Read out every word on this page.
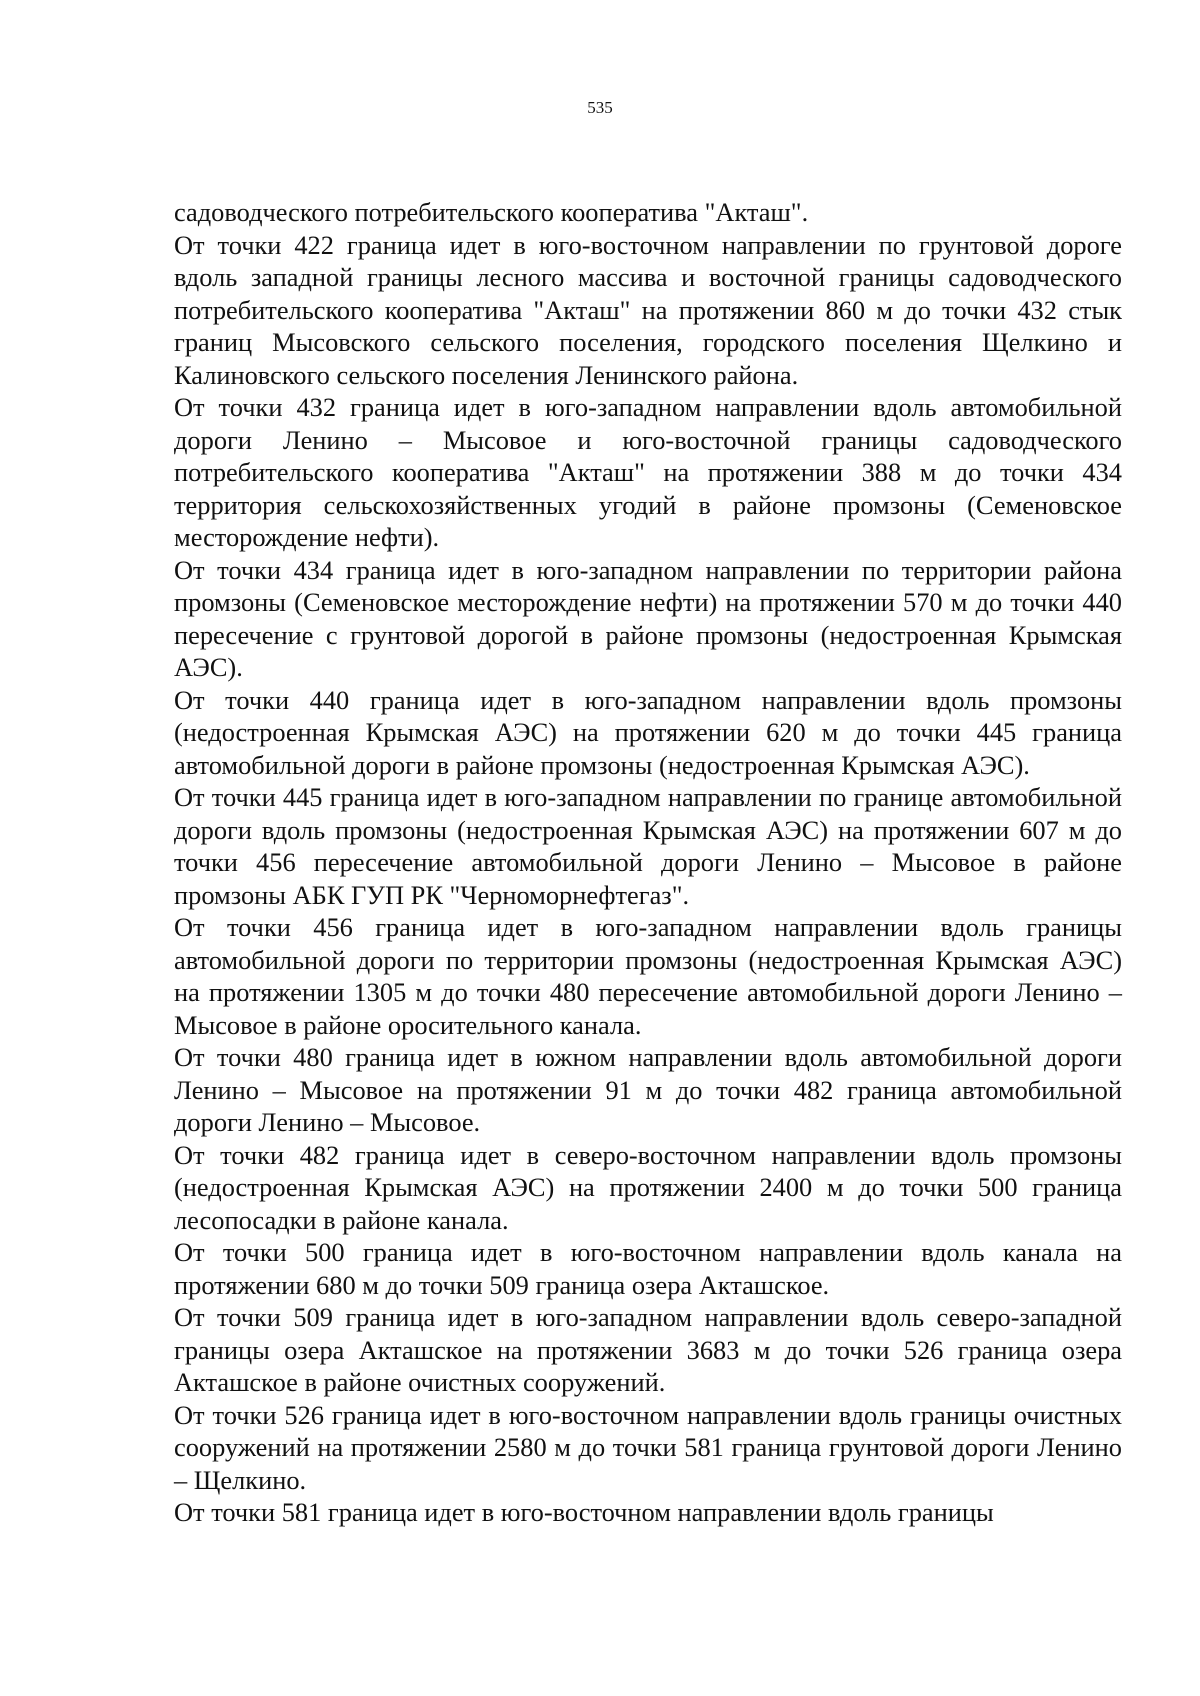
535

садоводческого потребительского кооператива "Акташ".

От точки 422 граница идет в юго-восточном направлении по грунтовой дороге вдоль западной границы лесного массива и восточной границы садоводческого потребительского кооператива "Акташ" на протяжении 860 м до точки 432 стык границ Мысовского сельского поселения, городского поселения Щелкино и Калиновского сельского поселения Ленинского района.

От точки 432 граница идет в юго-западном направлении вдоль автомобильной дороги Ленино – Мысовое и юго-восточной границы садоводческого потребительского кооператива "Акташ" на протяжении 388 м до точки 434 территория сельскохозяйственных угодий в районе промзоны (Семеновское месторождение нефти).

От точки 434 граница идет в юго-западном направлении по территории района промзоны (Семеновское месторождение нефти) на протяжении 570 м до точки 440 пересечение с грунтовой дорогой в районе промзоны (недостроенная Крымская АЭС).

От точки 440 граница идет в юго-западном направлении вдоль промзоны (недостроенная Крымская АЭС) на протяжении 620 м до точки 445 граница автомобильной дороги в районе промзоны (недостроенная Крымская АЭС).

От точки 445 граница идет в юго-западном направлении по границе автомобильной дороги вдоль промзоны (недостроенная Крымская АЭС) на протяжении 607 м до точки 456 пересечение автомобильной дороги Ленино – Мысовое в районе промзоны АБК ГУП РК "Черноморнефтегаз".

От точки 456 граница идет в юго-западном направлении вдоль границы автомобильной дороги по территории промзоны (недостроенная Крымская АЭС) на протяжении 1305 м до точки 480 пересечение автомобильной дороги Ленино – Мысовое в районе оросительного канала.

От точки 480 граница идет в южном направлении вдоль автомобильной дороги Ленино – Мысовое на протяжении 91 м до точки 482 граница автомобильной дороги Ленино – Мысовое.

От точки 482 граница идет в северо-восточном направлении вдоль промзоны (недостроенная Крымская АЭС) на протяжении 2400 м до точки 500 граница лесопосадки в районе канала.

От точки 500 граница идет в юго-восточном направлении вдоль канала на протяжении 680 м до точки 509 граница озера Акташское.

От точки 509 граница идет в юго-западном направлении вдоль северо-западной границы озера Акташское на протяжении 3683 м до точки 526 граница озера Акташское в районе очистных сооружений.

От точки 526 граница идет в юго-восточном направлении вдоль границы очистных сооружений на протяжении 2580 м до точки 581 граница грунтовой дороги Ленино – Щелкино.

От точки 581 граница идет в юго-восточном направлении вдоль границы
